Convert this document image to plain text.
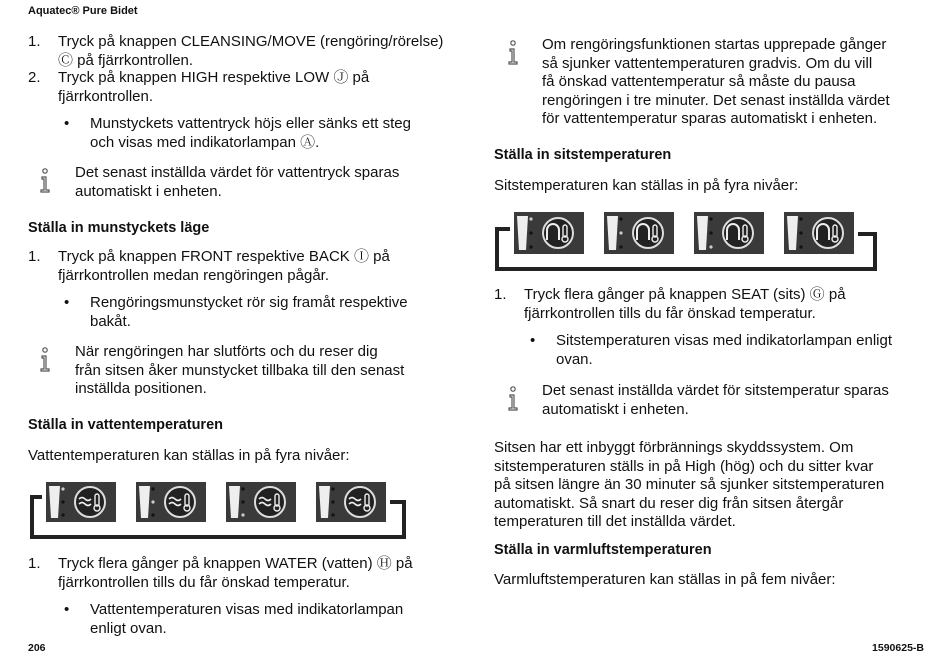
Aquatec® Pure Bidet
1. Tryck på knappen CLEANSING/MOVE (rengöring/rörelse)
Ⓒ på fjärrkontrollen.
2. Tryck på knappen HIGH respektive LOW Ⓙ på
fjärrkontrollen.
• Munstyckets vattentryck höjs eller sänks ett steg
och visas med indikatorlampan Ⓐ.
Det senast inställda värdet för vattentryck sparas
automatiskt i enheten.
Ställa in munstyckets läge
1. Tryck på knappen FRONT respektive BACK Ⓘ på
fjärrkontrollen medan rengöringen pågår.
• Rengöringsmunstycket rör sig framåt respektive
bakåt.
När rengöringen har slutförts och du reser dig
från sitsen åker munstycket tillbaka till den senast
inställda positionen.
Ställa in vattentemperaturen
Vattentemperaturen kan ställas in på fyra nivåer:
1. Tryck flera gånger på knappen WATER (vatten) Ⓗ på
fjärrkontrollen tills du får önskad temperatur.
• Vattentemperaturen visas med indikatorlampan
enligt ovan.
Om rengöringsfunktionen startas upprepade gånger
så sjunker vattentemperaturen gradvis. Om du vill
få önskad vattentemperatur så måste du pausa
rengöringen i tre minuter. Det senast inställda värdet
för vattentemperatur sparas automatiskt i enheten.
Ställa in sitstemperaturen
Sitstemperaturen kan ställas in på fyra nivåer:
1. Tryck flera gånger på knappen SEAT (sits) Ⓖ på
fjärrkontrollen tills du får önskad temperatur.
• Sitstemperaturen visas med indikatorlampan enligt
ovan.
Det senast inställda värdet för sitstemperatur sparas
automatiskt i enheten.
Sitsen har ett inbyggt förbrännings skyddssystem. Om
sitstemperaturen ställs in på High (hög) och du sitter kvar
på sitsen längre än 30 minuter så sjunker sitstemperaturen
automatiskt. Så snart du reser dig från sitsen återgår
temperaturen till det inställda värdet.
Ställa in varmluftstemperaturen
Varmluftstemperaturen kan ställas in på fem nivåer:
206	1590625-B
